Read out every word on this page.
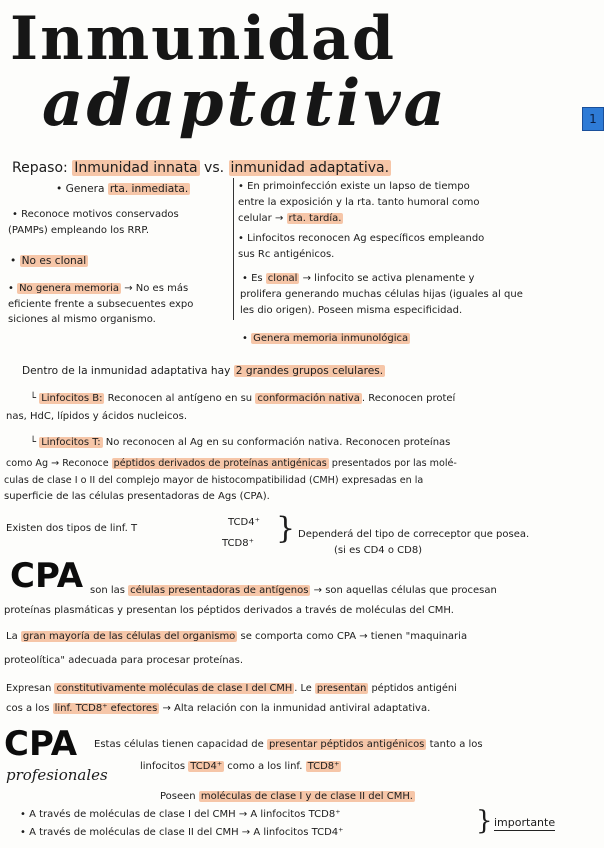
Inmunidad
adaptativa	1
Repaso: Inmunidad innata vs. inmunidad adaptativa.
• Genera rta. inmediata.
• Reconoce motivos conservados
(PAMPs) empleando los RRP.
• No es clonal
• No genera memoria → No es más
eficiente frente a subsecuentes expo
siciones al mismo organismo.
• En primoinfección existe un lapso de tiempo
entre la exposición y la rta. tanto humoral como
celular → rta. tardía.
• Linfocitos reconocen Ag específicos empleando
sus Rc antigénicos.
• Es clonal → linfocito se activa plenamente y
prolifera generando muchas células hijas (iguales al que
les dio origen). Poseen misma especificidad.
• Genera memoria inmunológica
Dentro de la inmunidad adaptativa hay 2 grandes grupos celulares.
└ Linfocitos B: Reconocen al antígeno en su conformación nativa . Reconocen proteí
nas, HdC, lípidos y ácidos nucleicos.
└ Linfocitos T: No reconocen al Ag en su conformación nativa. Reconocen proteínas
como Ag → Reconoce péptidos derivados de proteínas antigénicas presentados por las molé-
culas de clase I o II del complejo mayor de histocompatibilidad (CMH) expresadas en la
superficie de las células presentadoras de Ags (CPA).
Existen dos tipos de linf. T
TCD4⁺
TCD8⁺ } Dependerá del tipo de correceptor que posea.
(si es CD4 o CD8)
CPA son las células presentadoras de antígenos → son aquellas células que procesan
proteínas plasmáticas y presentan los péptidos derivados a través de moléculas del CMH.
La gran mayoría de las células del organismo se comporta como CPA → tienen "maquinaria
proteolítica" adecuada para procesar proteínas.
Expresan constitutivamente moléculas de clase I del CMH . Le presentan péptidos antigéni
cos a los linf. TCD8⁺ efectores → Alta relación con la inmunidad antiviral adaptativa.
CPA
profesionales
Estas células tienen capacidad de presentar péptidos antigénicos tanto a los
linfocitos TCD4⁺ como a los linf. TCD8⁺
Poseen moléculas de clase I y de clase II del CMH.
• A través de moléculas de clase I del CMH → A linfocitos TCD8⁺
• A través de moléculas de clase II del CMH → A linfocitos TCD4⁺	} importante
